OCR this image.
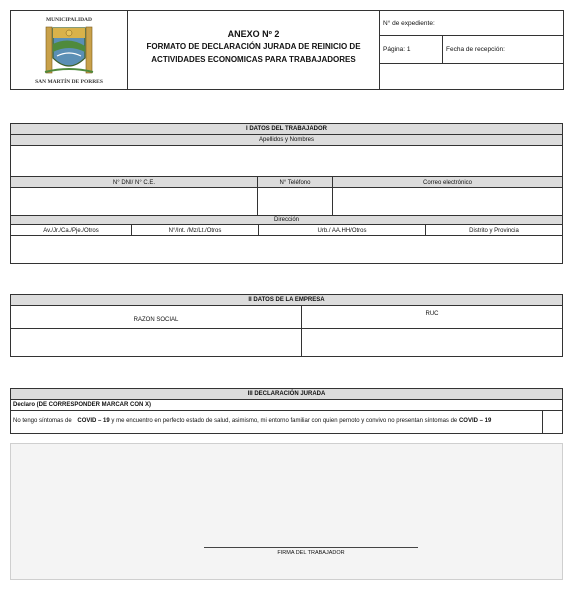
MUNICIPALIDAD
SAN MARTÍN DE PORRES
ANEXO Nº 2
FORMATO DE DECLARACIÓN JURADA DE REINICIO DE
ACTIVIDADES ECONOMICAS PARA TRABAJADORES
N° de expediente:
Página: 1	Fecha de recepción:
I DATOS DEL TRABAJADOR
Apellidos y Nombres
N° DNI/ N° C.E.	N° Teléfono	Correo electrónico
Dirección
Av./Jr./Ca./Pje./Otros	N°/Int. /Mz/Lt./Otros	Urb./ AA.HH/Otros	Distrito y Provincia
II DATOS DE LA EMPRESA
RAZON SOCIAL
RUC
III DECLARACIÓN JURADA
Declaro (DE CORRESPONDER MARCAR CON X)
No tengo síntomas de COVID – 19 y me encuentro en perfecto estado de salud, asimismo, mi entorno familiar con quien pernoto y convivo no presentan síntomas de COVID – 19
FIRMA DEL TRABAJADOR
